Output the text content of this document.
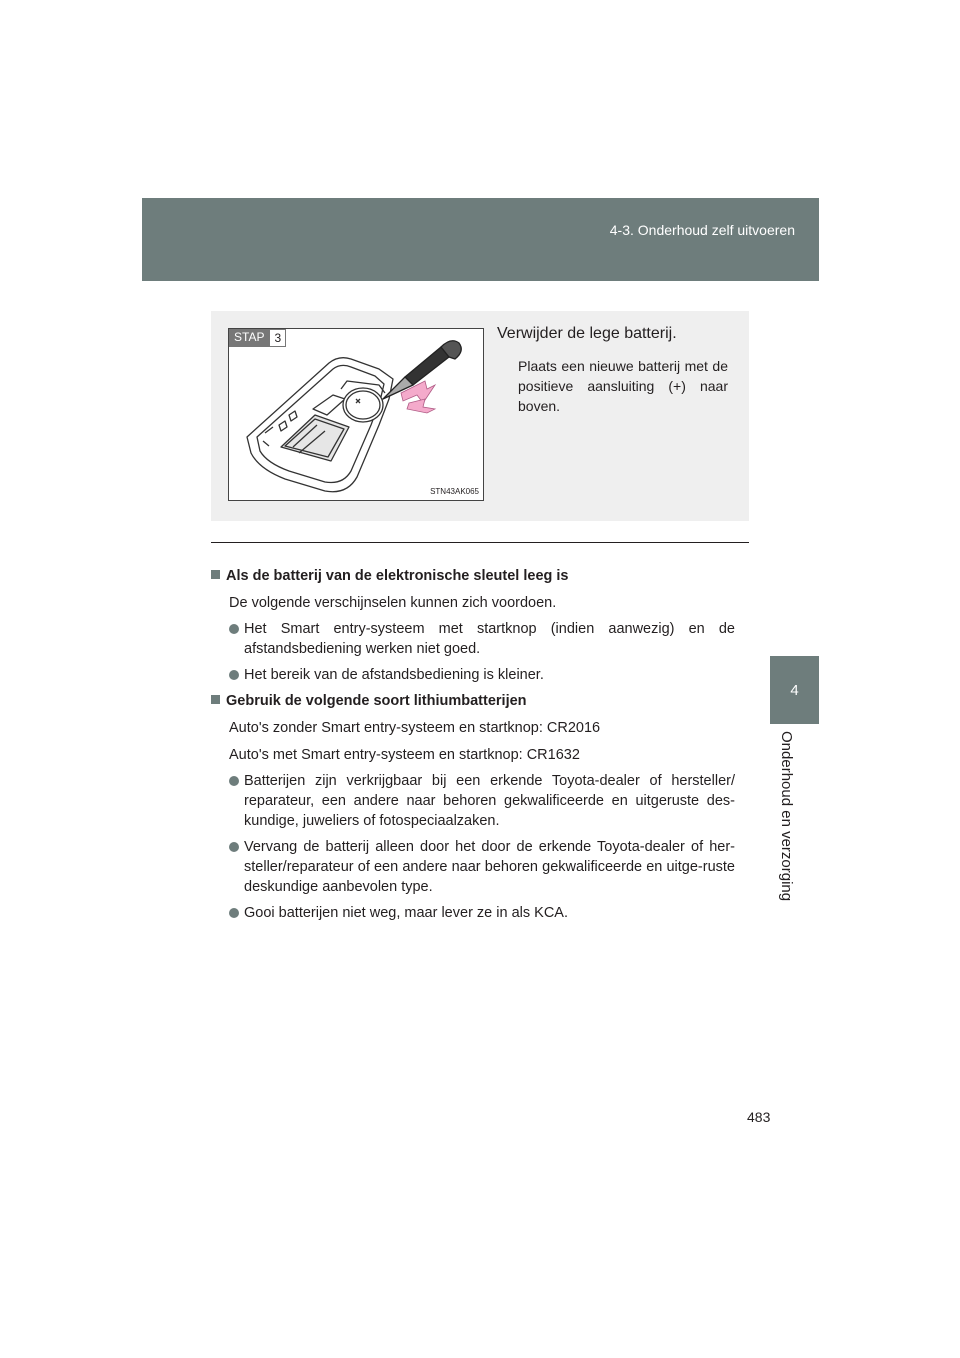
4-3. Onderhoud zelf uitvoeren
4
Onderhoud en verzorging
STAP 3
STN43AK065
Verwijder de lege batterij.
Plaats een nieuwe batterij met de positieve aansluiting (+) naar boven.
Als de batterij van de elektronische sleutel leeg is
De volgende verschijnselen kunnen zich voordoen.
Het Smart entry-systeem met startknop (indien aanwezig) en de afstandsbediening werken niet goed.
Het bereik van de afstandsbediening is kleiner.
Gebruik de volgende soort lithiumbatterijen
Auto's zonder Smart entry-systeem en startknop: CR2016
Auto's met Smart entry-systeem en startknop: CR1632
Batterijen zijn verkrijgbaar bij een erkende Toyota-dealer of hersteller/ reparateur, een andere naar behoren gekwalificeerde en uitgeruste des-kundige, juweliers of fotospeciaalzaken.
Vervang de batterij alleen door het door de erkende Toyota-dealer of her-steller/reparateur of een andere naar behoren gekwalificeerde en uitge-ruste deskundige aanbevolen type.
Gooi batterijen niet weg, maar lever ze in als KCA.
483
